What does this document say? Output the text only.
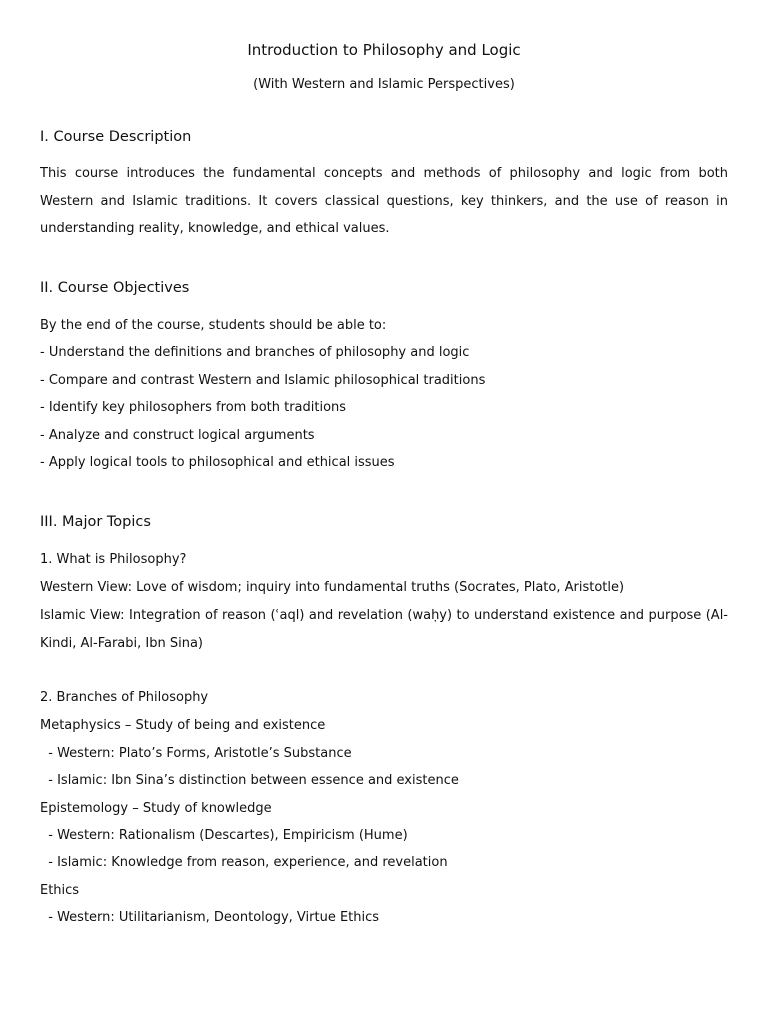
Introduction to Philosophy and Logic
(With Western and Islamic Perspectives)
I. Course Description
This course introduces the fundamental concepts and methods of philosophy and logic from both Western and Islamic traditions. It covers classical questions, key thinkers, and the use of reason in understanding reality, knowledge, and ethical values.
II. Course Objectives
By the end of the course, students should be able to:
- Understand the definitions and branches of philosophy and logic
- Compare and contrast Western and Islamic philosophical traditions
- Identify key philosophers from both traditions
- Analyze and construct logical arguments
- Apply logical tools to philosophical and ethical issues
III. Major Topics
1. What is Philosophy?
Western View: Love of wisdom; inquiry into fundamental truths (Socrates, Plato, Aristotle)
Islamic View: Integration of reason (ʿaql) and revelation (waḥy) to understand existence and purpose (Al-Kindi, Al-Farabi, Ibn Sina)
2. Branches of Philosophy
Metaphysics – Study of being and existence
- Western: Plato’s Forms, Aristotle’s Substance
- Islamic: Ibn Sina’s distinction between essence and existence
Epistemology – Study of knowledge
- Western: Rationalism (Descartes), Empiricism (Hume)
- Islamic: Knowledge from reason, experience, and revelation
Ethics
- Western: Utilitarianism, Deontology, Virtue Ethics
